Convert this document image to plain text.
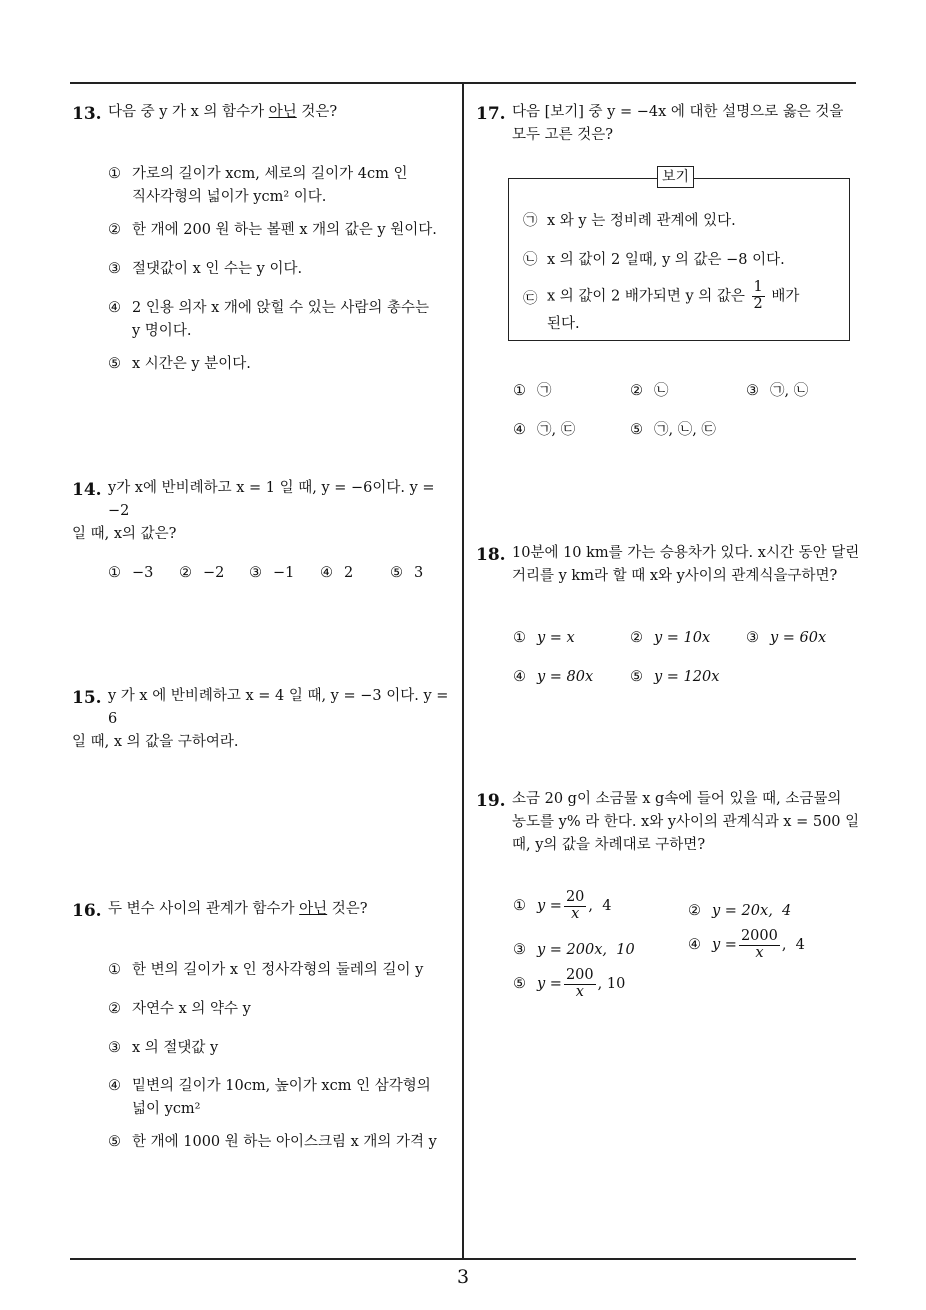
13. 다음 중 y 가 x 의 함수가 아닌 것은?
① 가로의 길이가 xcm, 세로의 길이가 4cm 인
직사각형의 넓이가 ycm² 이다.
② 한 개에 200 원 하는 볼펜 x 개의 값은 y 원이다.
③ 절댓값이 x 인 수는 y 이다.
④ 2 인용 의자 x 개에 앉힐 수 있는 사람의 총수는
y 명이다.
⑤ x 시간은 y 분이다.
14. y가 x에 반비례하고 x = 1 일 때, y = −6이다. y = −2
일 때, x의 값은?
① −3 ② −2 ③ −1 ④ 2	⑤ 3
15. y 가 x 에 반비례하고 x = 4 일 때, y = −3 이다. y = 6
일 때, x 의 값을 구하여라.
16. 두 변수 사이의 관계가 함수가 아닌 것은?
① 한 변의 길이가 x 인 정사각형의 둘레의 길이 y
② 자연수 x 의 약수 y
③ x 의 절댓값 y
④ 밑변의 길이가 10cm, 높이가 xcm 인 삼각형의
넓이 ycm²
⑤ 한 개에 1000 원 하는 아이스크림 x 개의 가격 y
17. 다음 [보기] 중 y = −4x 에 대한 설명으로 옳은 것을
모두 고른 것은?
보기
㉠ x 와 y 는 정비례 관계에 있다.
㉡ x 의 값이 2 일때, y 의 값은 −8 이다.
㉢ x 의 값이 2 배가되면 y 의 값은 $\frac{1}{2}$ 배가
된다.
① ㉠	② ㉡	③ ㉠, ㉡
④ ㉠, ㉢	⑤ ㉠, ㉡, ㉢
18. 10분에 10 km를 가는 승용차가 있다. x시간 동안 달린
거리를 y km라 할 때 x와 y사이의 관계식을구하면?
① y = x	② y = 10x ③ y = 60x
④ y = 80x	⑤ y = 120x
19. 소금 20 g이 소금물 x g속에 들어 있을 때, 소금물의
농도를 y% 라 한다. x와 y사이의 관계식과 x = 500 일
때, y의 값을 차례대로 구하면?
① $y = \frac{20}{x}$ ,  4	② y = 20x,  4
③ y = 200x,  10	④ $y = \frac{2000}{x}$ ,  4
⑤ $y = \frac{200}{x}$ , 10
3
